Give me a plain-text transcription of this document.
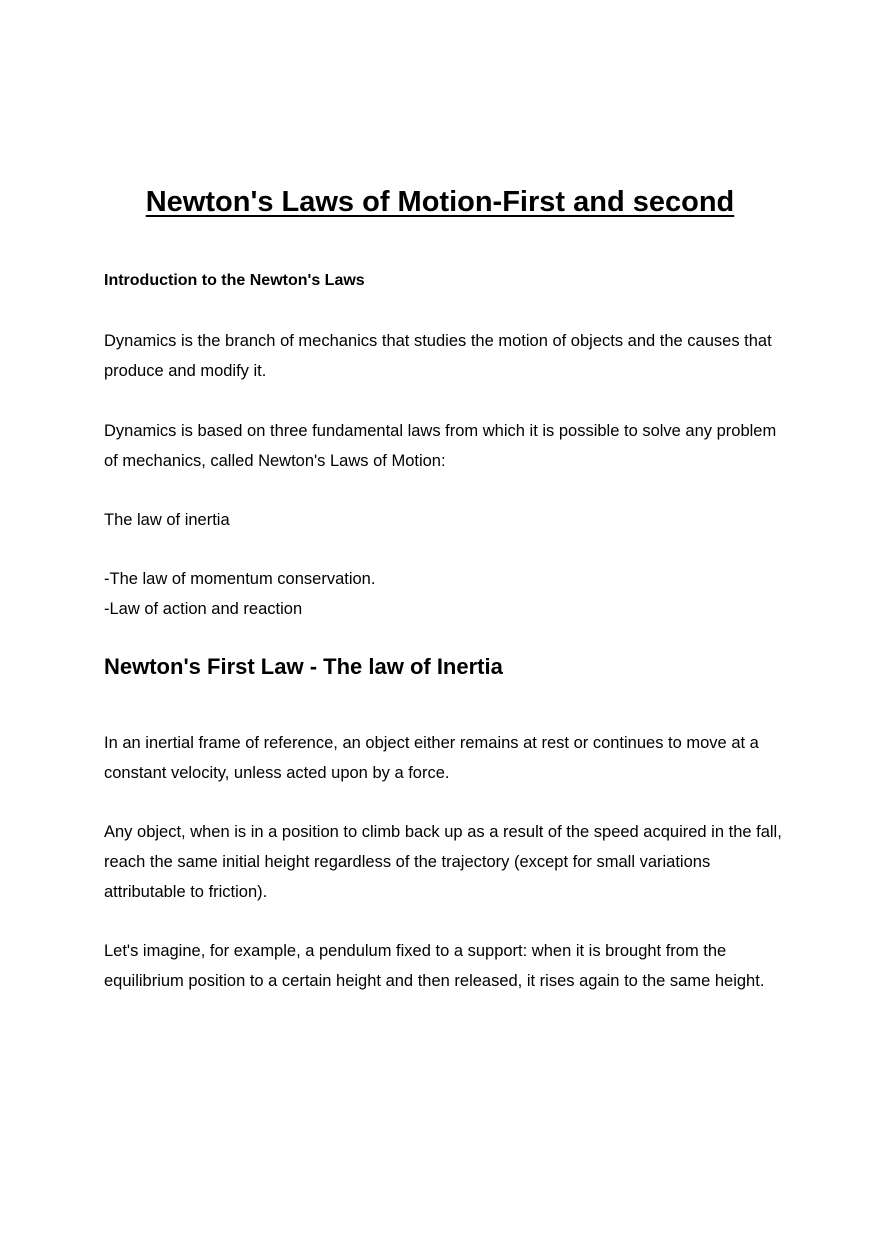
Newton's Laws of Motion-First and second
Introduction to the Newton's Laws

Dynamics is the branch of mechanics that studies the motion of objects and the causes that produce and modify it.

Dynamics is based on three fundamental laws from which it is possible to solve any problem of mechanics, called Newton's Laws of Motion:

The law of inertia

-The law of momentum conservation.
-Law of action and reaction
Newton's First Law - The law of Inertia

In an inertial frame of reference, an object either remains at rest or continues to move at a constant velocity, unless acted upon by a force.

Any object, when is in a position to climb back up as a result of the speed acquired in the fall, reach the same initial height regardless of the trajectory (except for small variations attributable to friction).

Let's imagine, for example, a pendulum fixed to a support: when it is brought from the equilibrium position to a certain height and then released, it rises again to the same height.
